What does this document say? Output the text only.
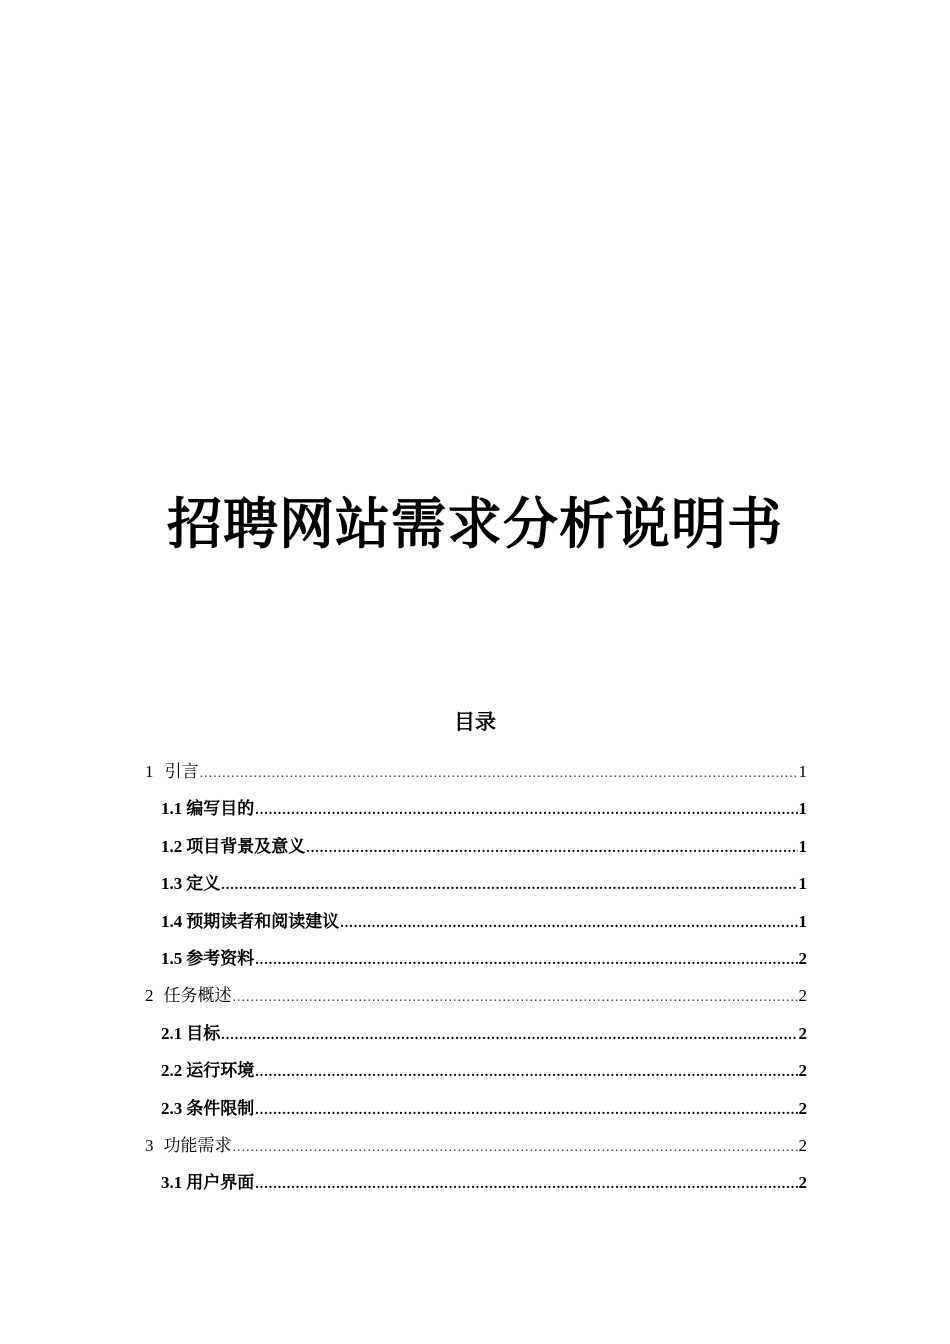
招聘网站需求分析说明书
目录
1 引言 .....	1
1.1 编写目的 .....	1
1.2 项目背景及意义 .....	1
1.3 定义 .....	1
1.4 预期读者和阅读建议 .....	1
1.5 参考资料 .....	2
2 任务概述 .....	2
2.1 目标 .....	2
2.2 运行环境 .....	2
2.3 条件限制 .....	2
3 功能需求 .....	2
3.1 用户界面 .....	2
